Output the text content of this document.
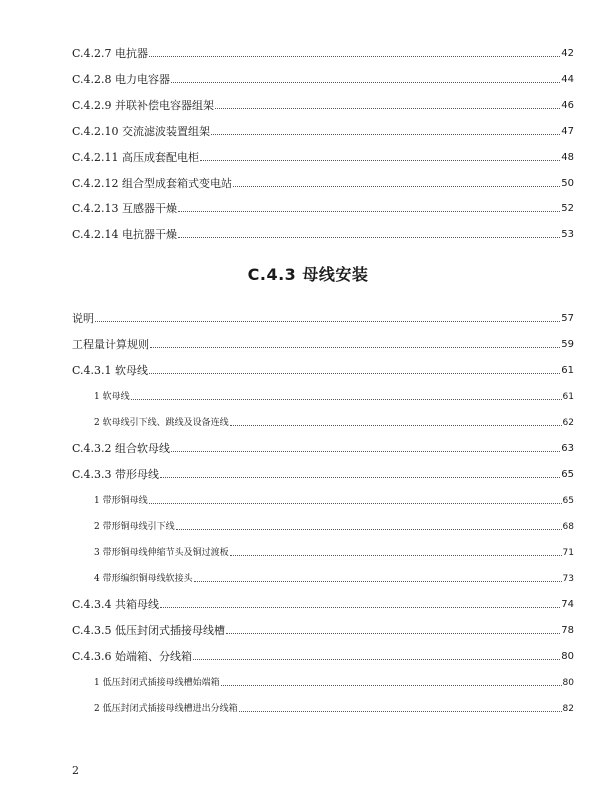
C.4.2.7 电抗器	42
C.4.2.8 电力电容器	44
C.4.2.9 并联补偿电容器组架	46
C.4.2.10 交流滤波装置组架	47
C.4.2.11 高压成套配电柜	48
C.4.2.12 组合型成套箱式变电站	50
C.4.2.13 互感器干燥	52
C.4.2.14 电抗器干燥	53
C.4.3 母线安装
说明	57
工程量计算规则	59
C.4.3.1 软母线	61
1 软母线	61
2 软母线引下线、跳线及设备连线	62
C.4.3.2 组合软母线	63
C.4.3.3 带形母线	65
1 带形铜母线	65
2 带形铜母线引下线	68
3 带形铜母线伸缩节头及铜过渡板	71
4 带形编织铜母线软接头	73
C.4.3.4 共箱母线	74
C.4.3.5 低压封闭式插接母线槽	78
C.4.3.6 始端箱、分线箱	80
1 低压封闭式插接母线槽始端箱	80
2 低压封闭式插接母线槽进出分线箱	82
2
